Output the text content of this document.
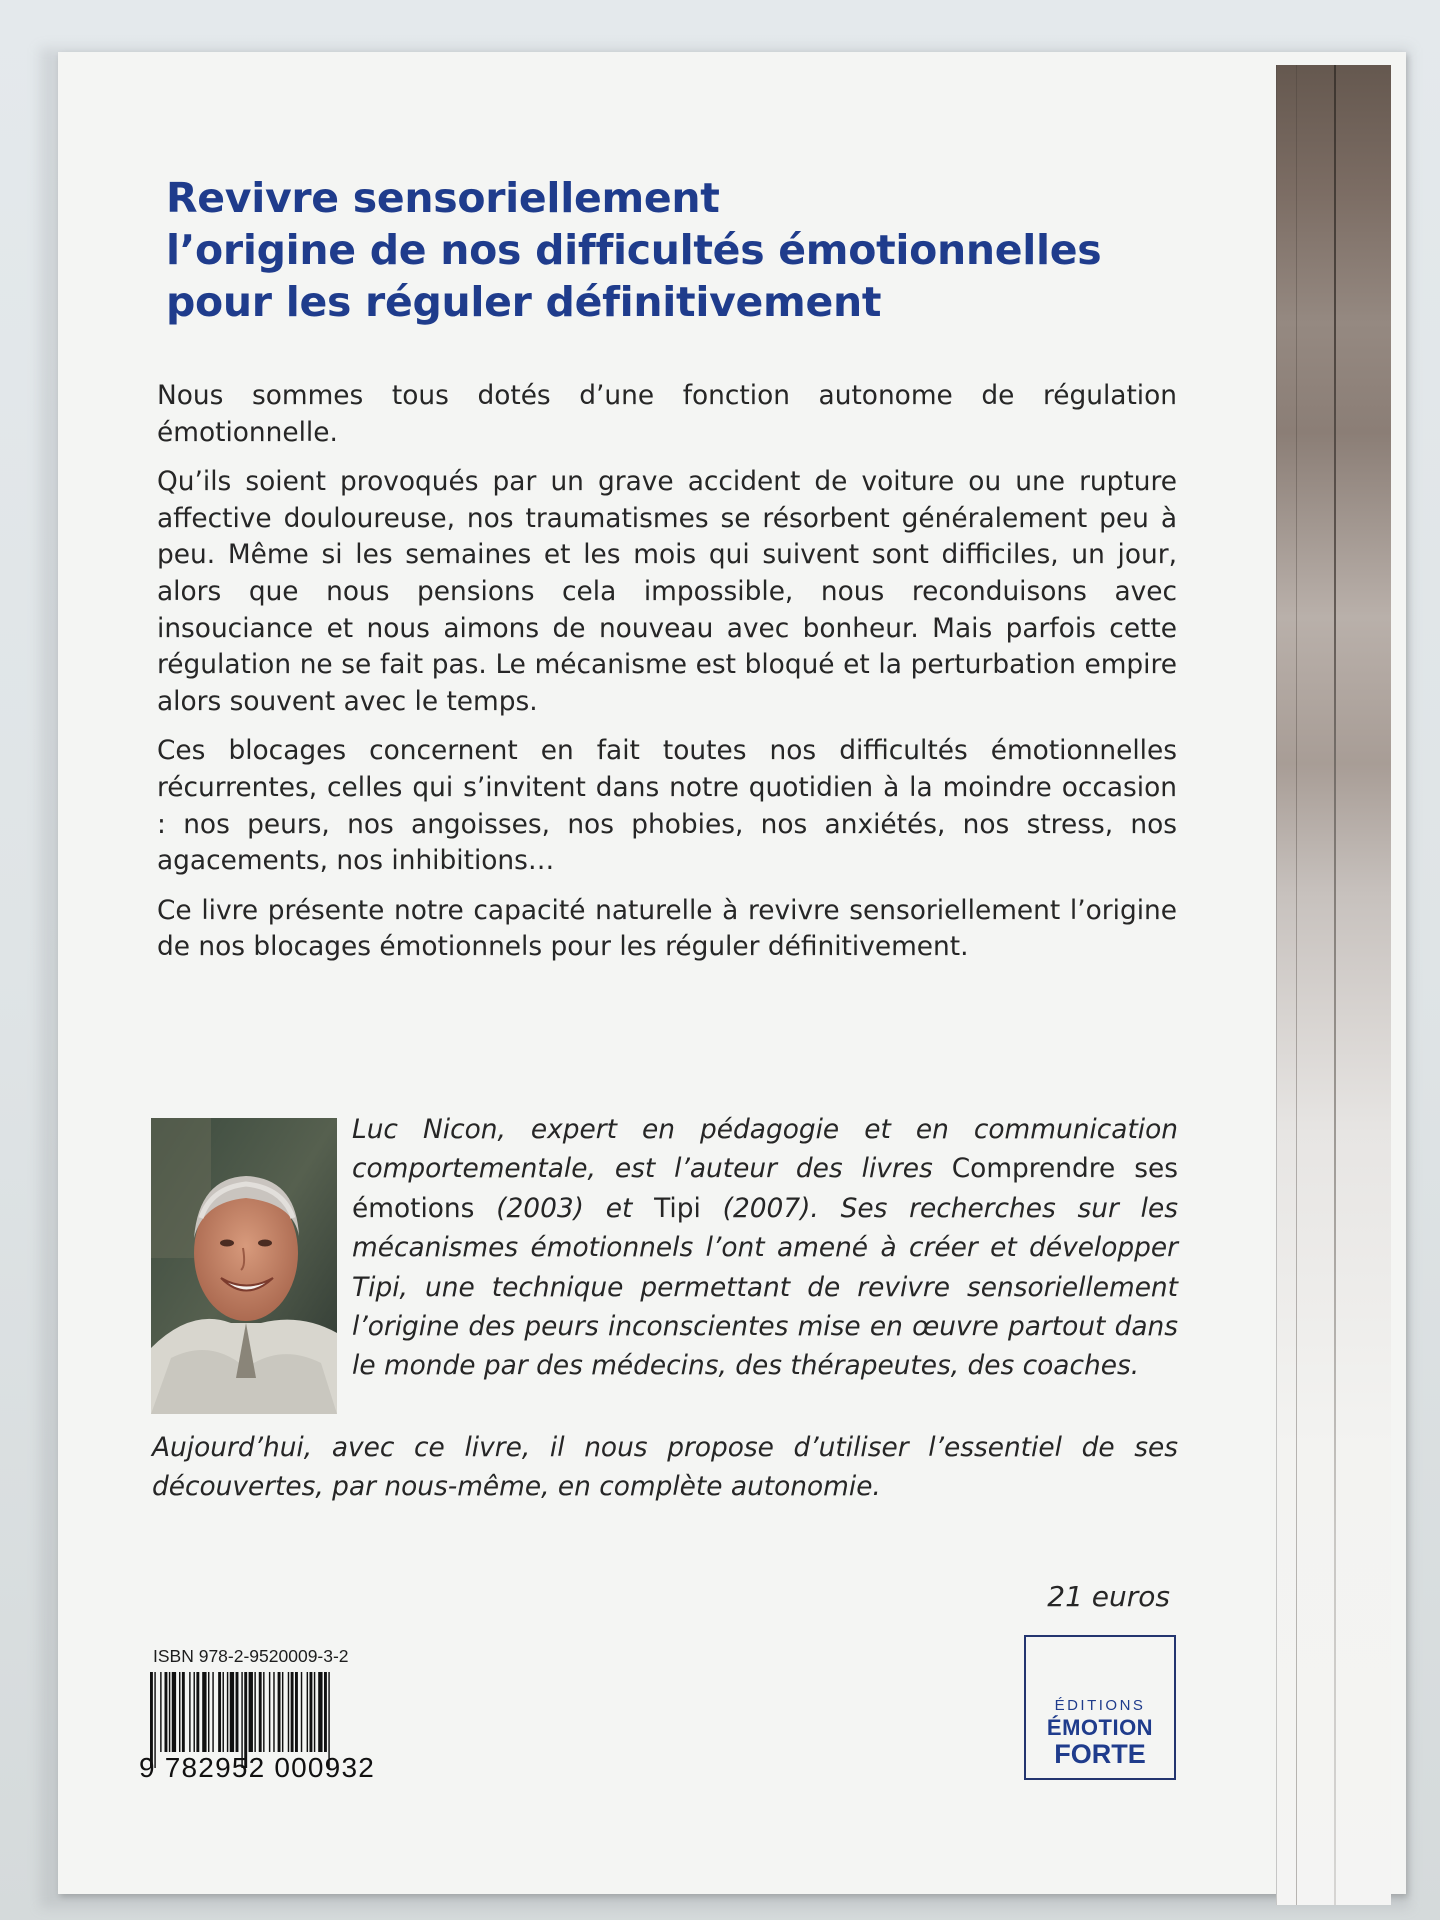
Revivre sensoriellement
l’origine de nos difficultés émotionnelles
pour les réguler définitivement

Nous sommes tous dotés d’une fonction autonome de régulation émotionnelle.

Qu’ils soient provoqués par un grave accident de voiture ou une rupture affective douloureuse, nos traumatismes se résorbent généralement peu à peu. Même si les semaines et les mois qui suivent sont difficiles, un jour, alors que nous pensions cela impossible, nous reconduisons avec insouciance et nous aimons de nouveau avec bonheur. Mais parfois cette régulation ne se fait pas. Le mécanisme est bloqué et la perturbation empire alors souvent avec le temps.

Ces blocages concernent en fait toutes nos difficultés émotionnelles récurrentes, celles qui s’invitent dans notre quotidien à la moindre occasion : nos peurs, nos angoisses, nos phobies, nos anxiétés, nos stress, nos agacements, nos inhibitions…

Ce livre présente notre capacité naturelle à revivre sensoriellement l’origine de nos blocages émotionnels pour les réguler définitivement.

Luc Nicon, expert en pédagogie et en communication comportementale, est l’auteur des livres Comprendre ses émotions (2003) et Tipi (2007). Ses recherches sur les mécanismes émotionnels l’ont amené à créer et développer Tipi, une technique permettant de revivre sensoriellement l’origine des peurs inconscientes mise en œuvre partout dans le monde par des médecins, des thérapeutes, des coaches.

Aujourd’hui, avec ce livre, il nous propose d’utiliser l’essentiel de ses découvertes, par nous-même, en complète autonomie.

21 euros
ISBN 978-2-9520009-3-2
9 782952 000932
ÉDITIONS
ÉMOTION
FORTE
